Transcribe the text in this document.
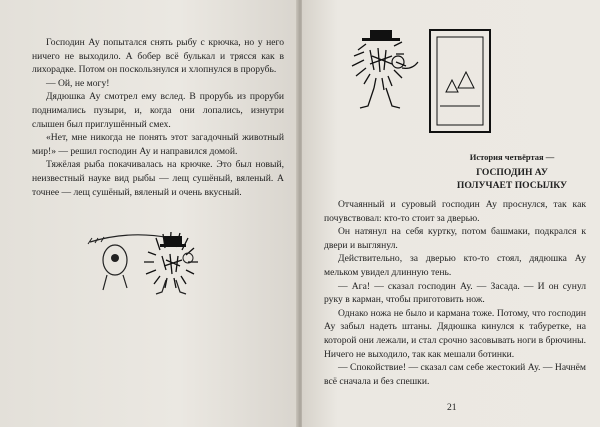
Господин Ау попытался снять рыбу с крючка, но у него ничего не выходило. А бобер всё булькал и трясся как в лихорадке. Потом он поскользнулся и хлопнулся в прорубь.

— Ой, не могу!

Дядюшка Ау смотрел ему вслед. В прорубь из проруби поднимались пузыри, и, когда они лопались, изнутри слышен был приглушённый смех.

«Нет, мне никогда не понять этот загадочный животный мир!» — решил господин Ау и направился домой.

Тяжёлая рыба покачивалась на крючке. Это был новый, неизвестный науке вид рыбы — лещ сушёный, вяленый. А точнее — лещ сушёный, вяленый и очень вкусный.

История четвёртая —
ГОСПОДИН АУ
ПОЛУЧАЕТ ПОСЫЛКУ

Отчаянный и суровый господин Ау проснулся, так как почувствовал: кто-то стоит за дверью.

Он натянул на себя куртку, потом башмаки, подкрался к двери и выглянул.

Действительно, за дверью кто-то стоял, дядюшка Ау мельком увидел длинную тень.

— Ага! — сказал господин Ау. — Засада. — И он сунул руку в карман, чтобы приготовить нож.

Однако ножа не было и кармана тоже. Потому, что господин Ау забыл надеть штаны. Дядюшка кинулся к табуретке, на которой они лежали, и стал срочно засовывать ноги в брючины. Ничего не выходило, так как мешали ботинки.

— Спокойствие! — сказал сам себе жестокий Ау. — Начнём всё сначала и без спешки.

21
